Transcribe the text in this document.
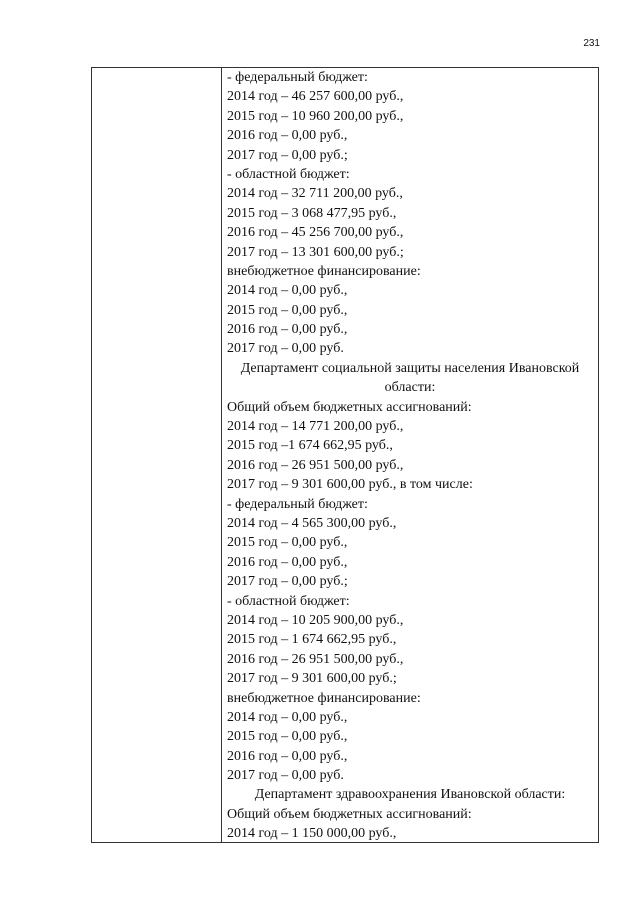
231
- федеральный бюджет:
2014 год – 46 257 600,00 руб.,
2015 год – 10 960 200,00 руб.,
2016 год – 0,00 руб.,
2017 год – 0,00 руб.;
- областной бюджет:
2014 год – 32 711 200,00 руб.,
2015 год – 3 068 477,95 руб.,
2016 год – 45 256 700,00 руб.,
2017 год – 13 301 600,00 руб.;
внебюджетное финансирование:
2014 год – 0,00 руб.,
2015 год – 0,00 руб.,
2016 год – 0,00 руб.,
2017 год – 0,00 руб.
Департамент социальной защиты населения Ивановской области:
Общий объем бюджетных ассигнований:
2014 год – 14 771 200,00 руб.,
2015 год –1 674 662,95 руб.,
2016 год – 26 951 500,00 руб.,
2017 год – 9 301 600,00 руб., в том числе:
- федеральный бюджет:
2014 год – 4 565 300,00 руб.,
2015 год – 0,00 руб.,
2016 год – 0,00 руб.,
2017 год – 0,00 руб.;
- областной бюджет:
2014 год – 10 205 900,00 руб.,
2015 год – 1 674 662,95 руб.,
2016 год – 26 951 500,00 руб.,
2017 год – 9 301 600,00 руб.;
внебюджетное финансирование:
2014 год – 0,00 руб.,
2015 год – 0,00 руб.,
2016 год – 0,00 руб.,
2017 год – 0,00 руб.
Департамент здравоохранения Ивановской области:
Общий объем бюджетных ассигнований:
2014 год – 1 150 000,00 руб.,
